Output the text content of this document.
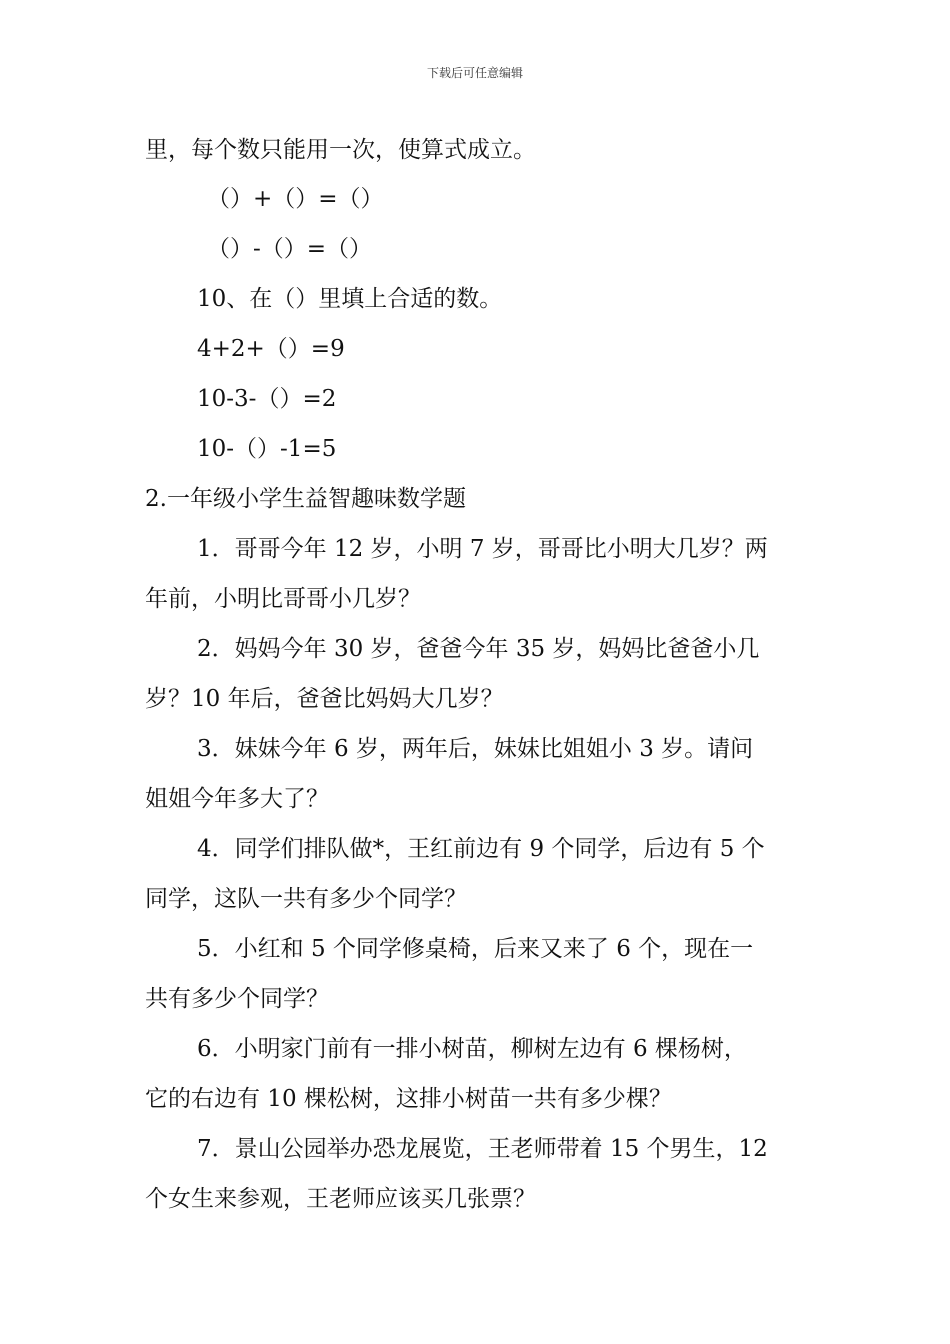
下载后可任意编辑
里，每个数只能用一次，使算式成立。
（）+（）=（）
（）-（）=（）
10、在（）里填上合适的数。
4+2+（）=9
10-3-（）=2
10-（）-1=5
2.一年级小学生益智趣味数学题
1．哥哥今年 12 岁，小明 7 岁，哥哥比小明大几岁？两
年前，小明比哥哥小几岁？
2．妈妈今年 30 岁，爸爸今年 35 岁，妈妈比爸爸小几
岁？10 年后，爸爸比妈妈大几岁？
3．妹妹今年 6 岁，两年后，妹妹比姐姐小 3 岁。请问
姐姐今年多大了？
4．同学们排队做*，王红前边有 9 个同学，后边有 5 个
同学，这队一共有多少个同学？
5．小红和 5 个同学修桌椅，后来又来了 6 个，现在一
共有多少个同学？
6．小明家门前有一排小树苗，柳树左边有 6 棵杨树，
它的右边有 10 棵松树，这排小树苗一共有多少棵？
7．景山公园举办恐龙展览，王老师带着 15 个男生，12
个女生来参观，王老师应该买几张票？
